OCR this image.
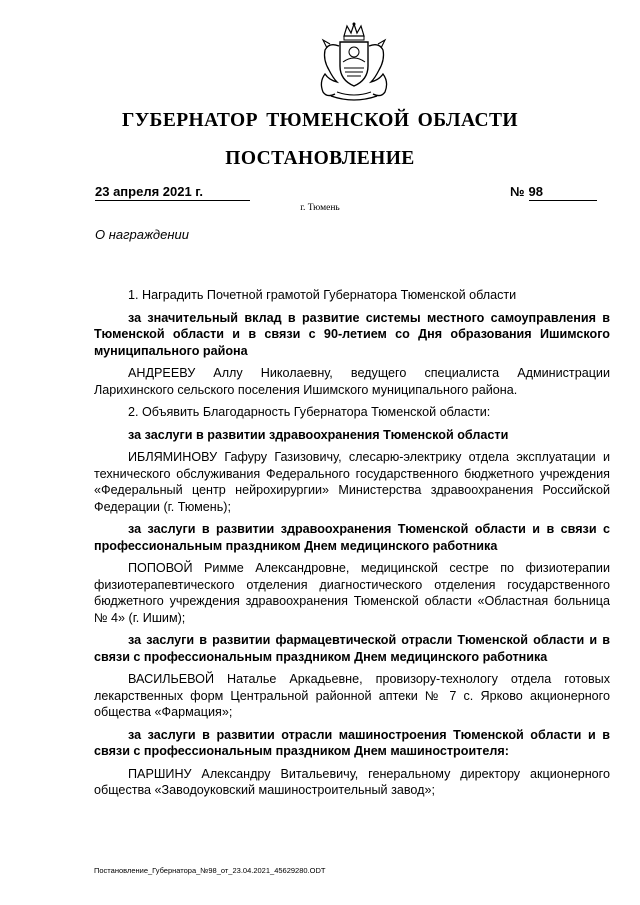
ГУБЕРНАТОР ТЮМЕНСКОЙ ОБЛАСТИ
ПОСТАНОВЛЕНИЕ
23 апреля 2021 г.	№ 98
г. Тюмень
О награждении

1. Наградить Почетной грамотой Губернатора Тюменской области

за значительный вклад в развитие системы местного самоуправления в Тюменской области и в связи с 90-летием со Дня образования Ишимского муниципального района

АНДРЕЕВУ Аллу Николаевну, ведущего специалиста Администрации Ларихинского сельского поселения Ишимского муниципального района.

2. Объявить Благодарность Губернатора Тюменской области:

за заслуги в развитии здравоохранения Тюменской области

ИБЛЯМИНОВУ Гафуру Газизовичу, слесарю-электрику отдела эксплуатации и технического обслуживания Федерального государственного бюджетного учреждения «Федеральный центр нейрохирургии» Министерства здравоохранения Российской Федерации (г. Тюмень);

за заслуги в развитии здравоохранения Тюменской области и в связи с профессиональным праздником Днем медицинского работника

ПОПОВОЙ Римме Александровне, медицинской сестре по физиотерапии физиотерапевтического отделения диагностического отделения государственного бюджетного учреждения здравоохранения Тюменской области «Областная больница № 4» (г. Ишим);

за заслуги в развитии фармацевтической отрасли Тюменской области и в связи с профессиональным праздником Днем медицинского работника

ВАСИЛЬЕВОЙ Наталье Аркадьевне, провизору-технологу отдела готовых лекарственных форм Центральной районной аптеки № 7 с. Ярково акционерного общества «Фармация»;

за заслуги в развитии отрасли машиностроения Тюменской области и в связи с профессиональным праздником Днем машиностроителя:

ПАРШИНУ Александру Витальевичу, генеральному директору акционерного общества «Заводоуковский машиностроительный завод»;

Постановление_Губернатора_№98_от_23.04.2021_45629280.ODT
